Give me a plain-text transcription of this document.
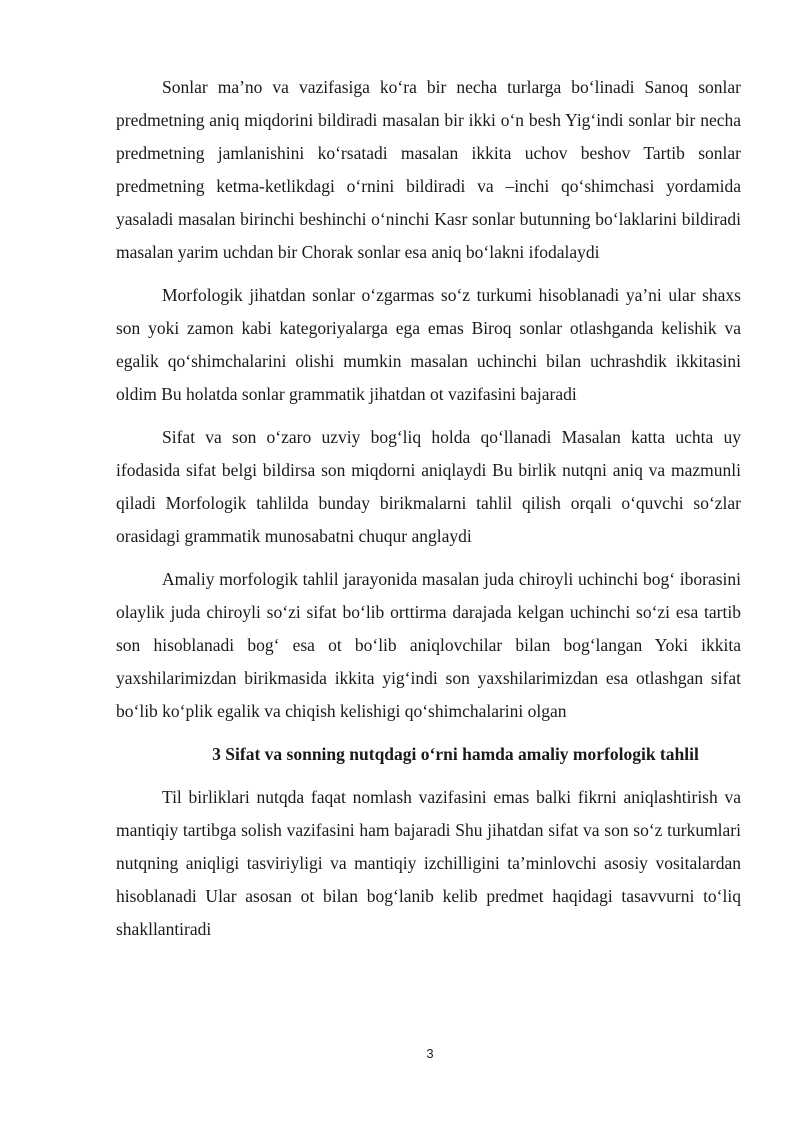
Sonlar ma’no va vazifasiga ko‘ra bir necha turlarga bo‘linadi Sanoq sonlar predmetning aniq miqdorini bildiradi masalan bir ikki o‘n besh Yig‘indi sonlar bir necha predmetning jamlanishini ko‘rsatadi masalan ikkita uchov beshov Tartib sonlar predmetning ketma-ketlikdagi o‘rnini bildiradi va –inchi qo‘shimchasi yordamida yasaladi masalan birinchi beshinchi o‘ninchi Kasr sonlar butunning bo‘laklarini bildiradi masalan yarim uchdan bir Chorak sonlar esa aniq bo‘lakni ifodalaydi

Morfologik jihatdan sonlar o‘zgarmas so‘z turkumi hisoblanadi ya’ni ular shaxs son yoki zamon kabi kategoriyalarga ega emas Biroq sonlar otlashganda kelishik va egalik qo‘shimchalarini olishi mumkin masalan uchinchi bilan uchrashdik ikkitasini oldim Bu holatda sonlar grammatik jihatdan ot vazifasini bajaradi

Sifat va son o‘zaro uzviy bog‘liq holda qo‘llanadi Masalan katta uchta uy ifodasida sifat belgi bildirsa son miqdorni aniqlaydi Bu birlik nutqni aniq va mazmunli qiladi Morfologik tahlilda bunday birikmalarni tahlil qilish orqali o‘quvchi so‘zlar orasidagi grammatik munosabatni chuqur anglaydi

Amaliy morfologik tahlil jarayonida masalan juda chiroyli uchinchi bog‘ iborasini olaylik juda chiroyli so‘zi sifat bo‘lib orttirma darajada kelgan uchinchi so‘zi esa tartib son hisoblanadi bog‘ esa ot bo‘lib aniqlovchilar bilan bog‘langan Yoki ikkita yaxshilarimizdan birikmasida ikkita yig‘indi son yaxshilarimizdan esa otlashgan sifat bo‘lib ko‘plik egalik va chiqish kelishigi qo‘shimchalarini olgan

3 Sifat va sonning nutqdagi o‘rni hamda amaliy morfologik tahlil

Til birliklari nutqda faqat nomlash vazifasini emas balki fikrni aniqlashtirish va mantiqiy tartibga solish vazifasini ham bajaradi Shu jihatdan sifat va son so‘z turkumlari nutqning aniqligi tasviriyligi va mantiqiy izchilligini ta’minlovchi asosiy vositalardan hisoblanadi Ular asosan ot bilan bog‘lanib kelib predmet haqidagi tasavvurni to‘liq shakllantiradi

3
